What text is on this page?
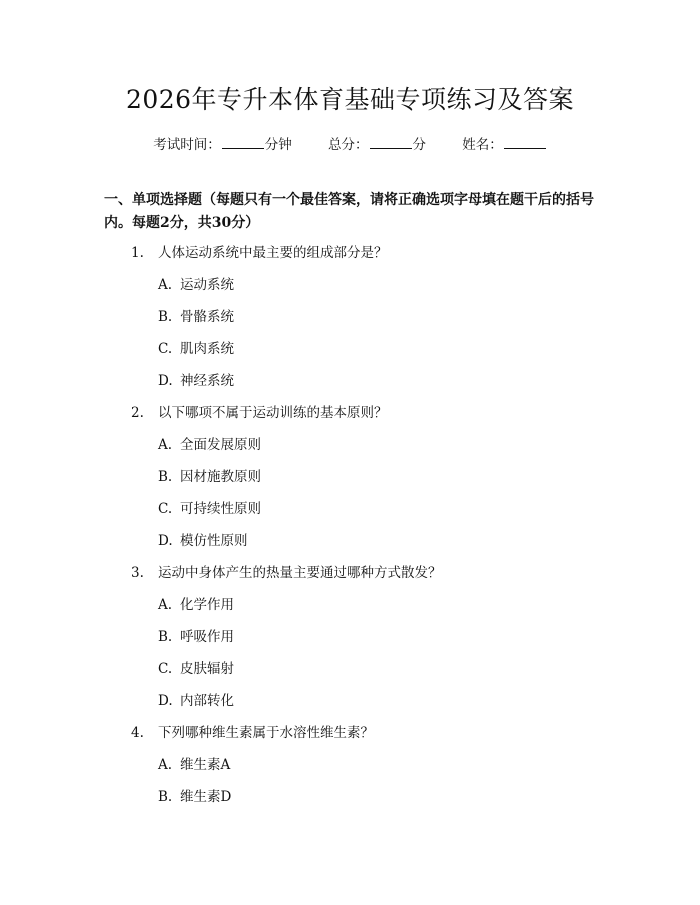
2026年专升本体育基础专项练习及答案
考试时间：	分钟	总分：	分	姓名：

一、单项选择题（每题只有一个最佳答案，请将正确选项字母填在题干后的括号内。每题2分，共30分）

1. 人体运动系统中最主要的组成部分是？
A. 运动系统
B. 骨骼系统
C. 肌肉系统
D. 神经系统
2. 以下哪项不属于运动训练的基本原则？
A. 全面发展原则
B. 因材施教原则
C. 可持续性原则
D. 模仿性原则
3. 运动中身体产生的热量主要通过哪种方式散发？
A. 化学作用
B. 呼吸作用
C. 皮肤辐射
D. 内部转化
4. 下列哪种维生素属于水溶性维生素？
A. 维生素A
B. 维生素D
